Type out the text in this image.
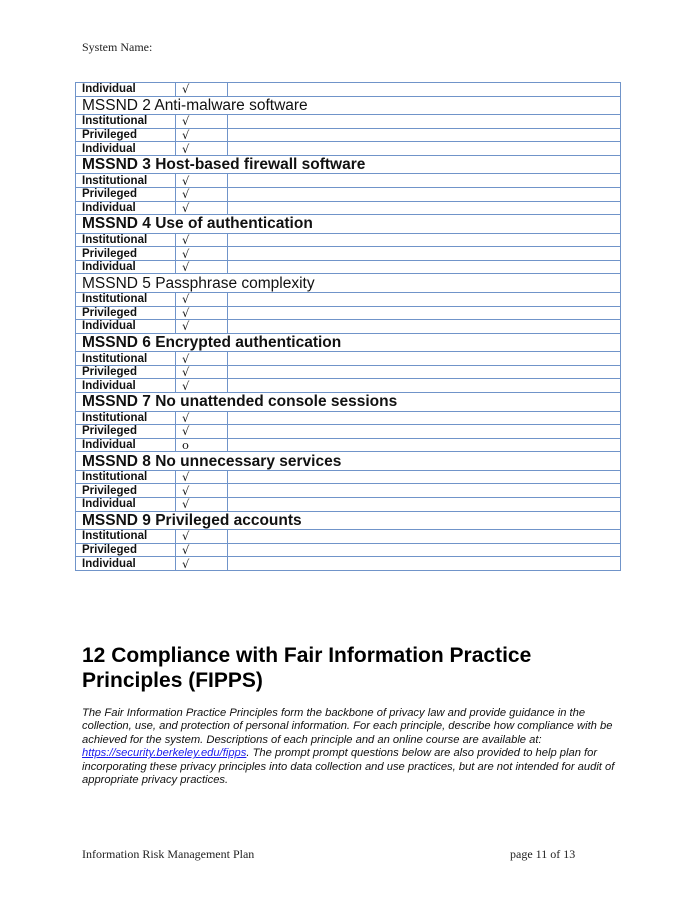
System Name:
Individual	√	
MSSND 2 Anti-malware software		
Institutional	√	
Privileged	√	
Individual	√	
MSSND 3 Host-based firewall software		
Institutional	√	
Privileged	√	
Individual	√	
MSSND 4 Use of authentication		
Institutional	√	
Privileged	√	
Individual	√	
MSSND 5 Passphrase complexity		
Institutional	√	
Privileged	√	
Individual	√	
MSSND 6 Encrypted authentication		
Institutional	√	
Privileged	√	
Individual	√	
MSSND 7 No unattended console sessions		
Institutional	√	
Privileged	√	
Individual	o	
MSSND 8 No unnecessary services		
Institutional	√	
Privileged	√	
Individual	√	
MSSND 9 Privileged accounts		
Institutional	√	
Privileged	√	
Individual	√	
12 Compliance with Fair Information Practice Principles (FIPPS)

The Fair Information Practice Principles form the backbone of privacy law and provide guidance in the collection, use, and protection of personal information. For each principle, describe how compliance with be achieved for the system. Descriptions of each principle and an online course are available at: https://security.berkeley.edu/fipps. The prompt prompt questions below are also provided to help plan for incorporating these privacy principles into data collection and use practices, but are not intended for audit of appropriate privacy practices.

Information Risk Management Plan	page 11 of 13
